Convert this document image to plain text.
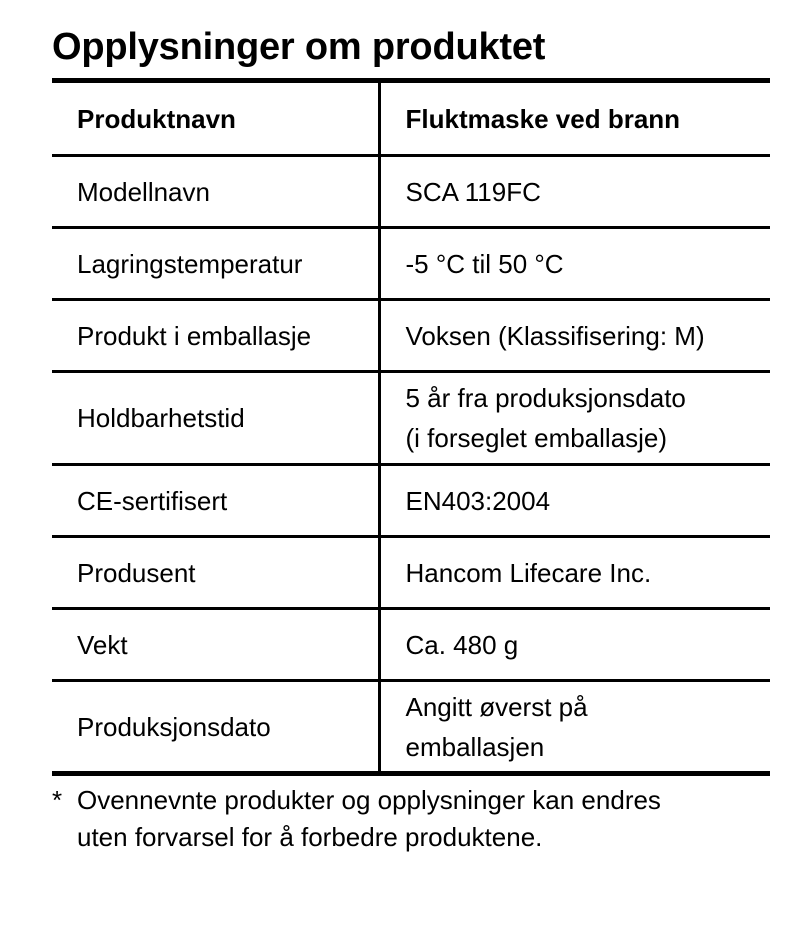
Opplysninger om produktet
Produktnavn	Fluktmaske ved brann
Modellnavn	SCA 119FC

Lagringstemperatur	-5 °C til 50 °C

Produkt i emballasje	Voksen (Klassifisering: M)

Holdbarhetstid	5 år fra produksjonsdato
(i forseglet emballasje)

CE-sertifisert	EN403:2004

Produsent	Hancom Lifecare Inc.

Vekt	Ca. 480 g

Produksjonsdato	Angitt øverst på
emballasjen
* Ovennevnte produkter og opplysninger kan endres
uten forvarsel for å forbedre produktene.
